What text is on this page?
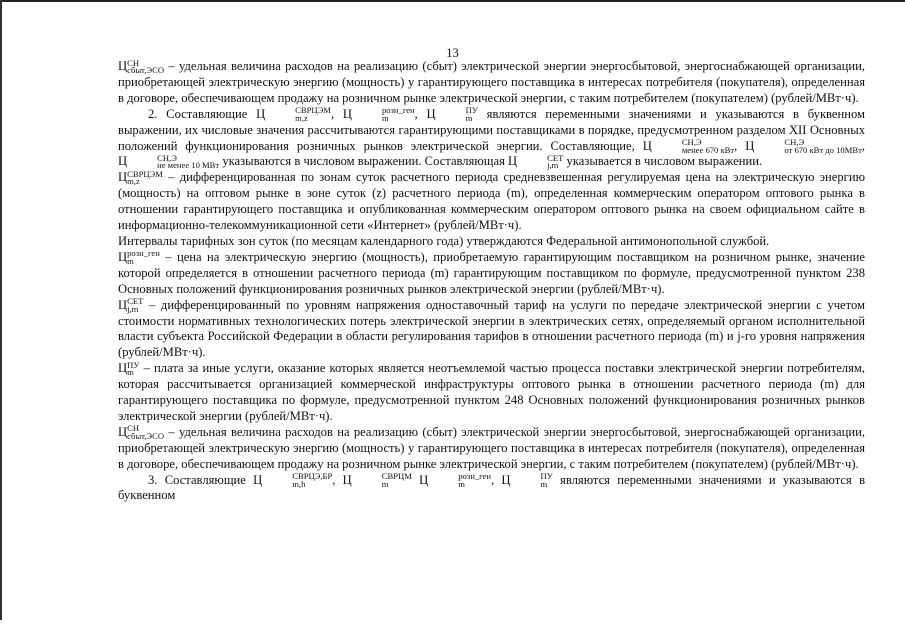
13

Ц СН
сбыт,ЭСО – удельная величина расходов на реализацию (сбыт) электрической энергии энергосбытовой, энергоснабжающей организации, приобретающей электрическую энергию (мощность) у гарантирующего поставщика в интересах потребителя (покупателя), определенная в договоре, обеспечивающем продажу на розничном рынке электрической энергии, с таким потребителем (покупателем) (рублей/МВт·ч).

2. Составляющие Ц	СВРЦЭМ
m,z	, Ц	розн_ген
m	, Ц	ПУ
m являются переменными значениями и указываются в буквенном выражении, их числовые значения рассчитываются гарантирующими поставщиками в порядке, предусмотренном разделом XII Основных положений функционирования розничных рынков электрической энергии. Составляющие, Ц	СН,Э
менее 670 кВт , Ц	СН,Э
от 670 кВт до 10МВт , Ц	СН,Э
не менее 10 МВт указываются в числовом выражении. Составляющая Ц	СЕТ
j,m указывается в числовом выражении.

Ц СВРЦЭМ
m,z	– дифференцированная по зонам суток расчетного периода средневзвешенная регулируемая цена на электрическую энергию (мощность) на оптовом рынке в зоне суток (z) расчетного периода (m), определенная коммерческим оператором оптового рынка в отношении гарантирующего поставщика и опубликованная коммерческим оператором оптового рынка на своем официальном сайте в информационно-телекоммуникационной сети «Интернет» (рублей/МВт·ч).

Интервалы тарифных зон суток (по месяцам календарного года) утверждаются Федеральной антимонопольной службой.

Ц розн_ген
m	– цена на электрическую энергию (мощность), приобретаемую гарантирующим поставщиком на розничном рынке, значение которой определяется в отношении расчетного периода (m) гарантирующим поставщиком по формуле, предусмотренной пунктом 238 Основных положений функционирования розничных рынков электрической энергии (рублей/МВт·ч).

Ц СЕТ
j,m – дифференцированный по уровням напряжения одноставочный тариф на услуги по передаче электрической энергии с учетом стоимости нормативных технологических потерь электрической энергии в электрических сетях, определяемый органом исполнительной власти субъекта Российской Федерации в области регулирования тарифов в отношении расчетного периода (m) и j-го уровня напряжения (рублей/МВт·ч).

Ц ПУ
m – плата за иные услуги, оказание которых является неотъемлемой частью процесса поставки электрической энергии потребителям, которая рассчитывается организацией коммерческой инфраструктуры оптового рынка в отношении расчетного периода (m) для гарантирующего поставщика по формуле, предусмотренной пунктом 248 Основных положений функционирования розничных рынков электрической энергии (рублей/МВт·ч).

Ц СН
сбыт,ЭСО – удельная величина расходов на реализацию (сбыт) электрической энергии энергосбытовой, энергоснабжающей организации, приобретающей электрическую энергию (мощность) у гарантирующего поставщика в интересах потребителя (покупателя), определенная в договоре, обеспечивающем продажу на розничном рынке электрической энергии, с таким потребителем (покупателем) (рублей/МВт·ч).

3. Составляющие Ц	СВРЦЭ,БР
m,h	, Ц	СВРЦМ
m	Ц	розн_ген
m	, Ц	ПУ
m являются переменными значениями и указываются в буквенном
